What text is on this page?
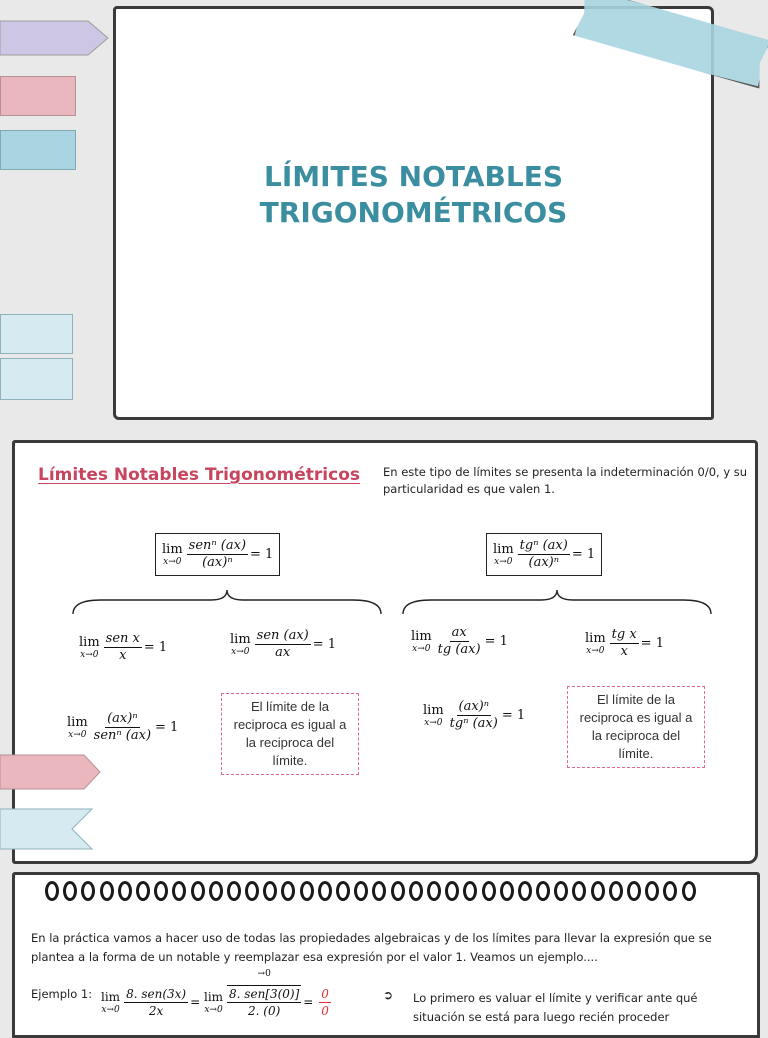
LÍMITES NOTABLES
TRIGONOMÉTRICOS
Límites Notables Trigonométricos En este tipo de límites se presenta la indeterminación 0/0, y su particularidad es que valen 1.
lim
$x\to 0 \frac{\text{senⁿ (ax)}}{\text{(ax)ⁿ}} = 1$	lim
$x\to 0 \frac{\text{tgⁿ (ax)}}{\text{(ax)ⁿ}} = 1$
lim
$x\to 0 \frac{\text{sen x}}{x} = 1$
lim
$x\to 0 \frac{\text{sen (ax)}}{ax} = 1$
lim
$x\to 0 \frac{ax}{tg (ax)} = 1$	lim
$x\to 0 \frac{\text{tg x}}{x} = 1$
lim
$x\to 0 \frac{\text{(ax)ⁿ}}{\text{senⁿ (ax)}} = 1$
El límite de la reciproca es igual a la reciproca del límite.
lim
$x\to 0 \frac{\text{(ax)ⁿ}}{\text{tgⁿ (ax)}} = 1$
El límite de la reciproca es igual a la reciproca del límite.
En la práctica vamos a hacer uso de todas las propiedades algebraicas y de los límites para llevar la expresión que se plantea a la forma de un notable y reemplazar esa expresión por el valor 1. Veamos un ejemplo....
Ejemplo 1: lim
$x\to 0 \frac{\text{8. sen(3x)}}{2x} = \lim$
x→0
→0
8. sen[3(0)]
2. (0)
= $\frac{0}{0}$	➲ Lo primero es valuar el límite y verificar ante qué situación se está para luego recién proceder
